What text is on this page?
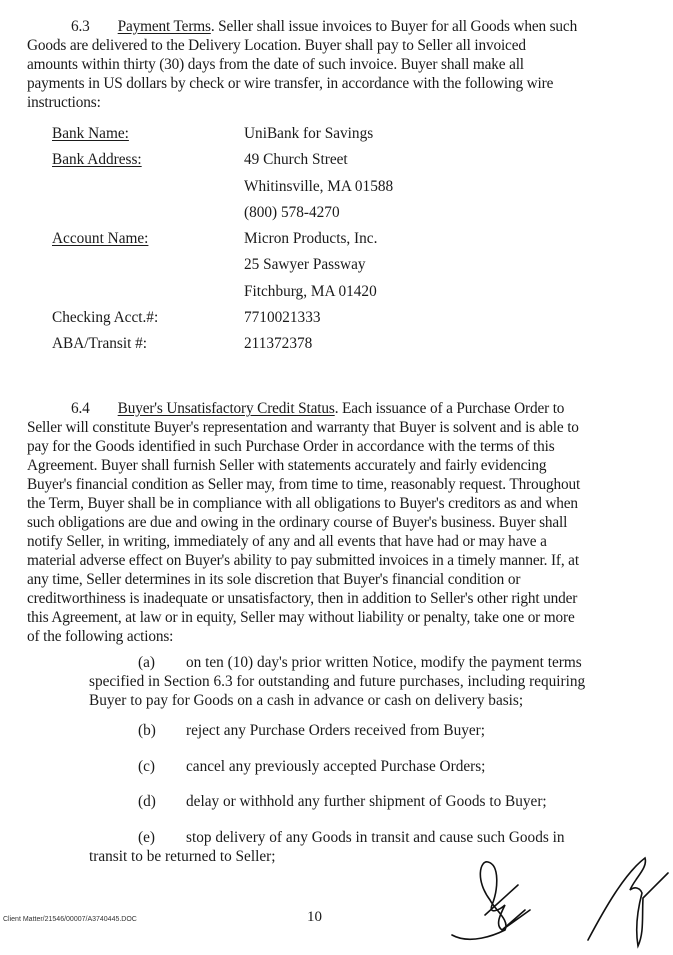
6.3 Payment Terms. Seller shall issue invoices to Buyer for all Goods when such
Goods are delivered to the Delivery Location. Buyer shall pay to Seller all invoiced
amounts within thirty (30) days from the date of such invoice. Buyer shall make all
payments in US dollars by check or wire transfer, in accordance with the following wire
instructions:
Bank Name:	UniBank for Savings
Bank Address:	49 Church Street
Whitinsville, MA 01588
(800) 578-4270
Account Name:	Micron Products, Inc.
25 Sawyer Passway
Fitchburg, MA 01420
Checking Acct.#:	7710021333
ABA/Transit #:	211372378
6.4 Buyer's Unsatisfactory Credit Status. Each issuance of a Purchase Order to
Seller will constitute Buyer's representation and warranty that Buyer is solvent and is able to
pay for the Goods identified in such Purchase Order in accordance with the terms of this
Agreement. Buyer shall furnish Seller with statements accurately and fairly evidencing
Buyer's financial condition as Seller may, from time to time, reasonably request. Throughout
the Term, Buyer shall be in compliance with all obligations to Buyer's creditors as and when
such obligations are due and owing in the ordinary course of Buyer's business. Buyer shall
notify Seller, in writing, immediately of any and all events that have had or may have a
material adverse effect on Buyer's ability to pay submitted invoices in a timely manner. If, at
any time, Seller determines in its sole discretion that Buyer's financial condition or
creditworthiness is inadequate or unsatisfactory, then in addition to Seller's other right under
this Agreement, at law or in equity, Seller may without liability or penalty, take one or more
of the following actions:
(a) on ten (10) day's prior written Notice, modify the payment terms
specified in Section 6.3 for outstanding and future purchases, including requiring
Buyer to pay for Goods on a cash in advance or cash on delivery basis;
(b) reject any Purchase Orders received from Buyer;
(c) cancel any previously accepted Purchase Orders;
(d) delay or withhold any further shipment of Goods to Buyer;
(e) stop delivery of any Goods in transit and cause such Goods in
transit to be returned to Seller;
Client Matter/21546/00007/A3740445.DOC	10
